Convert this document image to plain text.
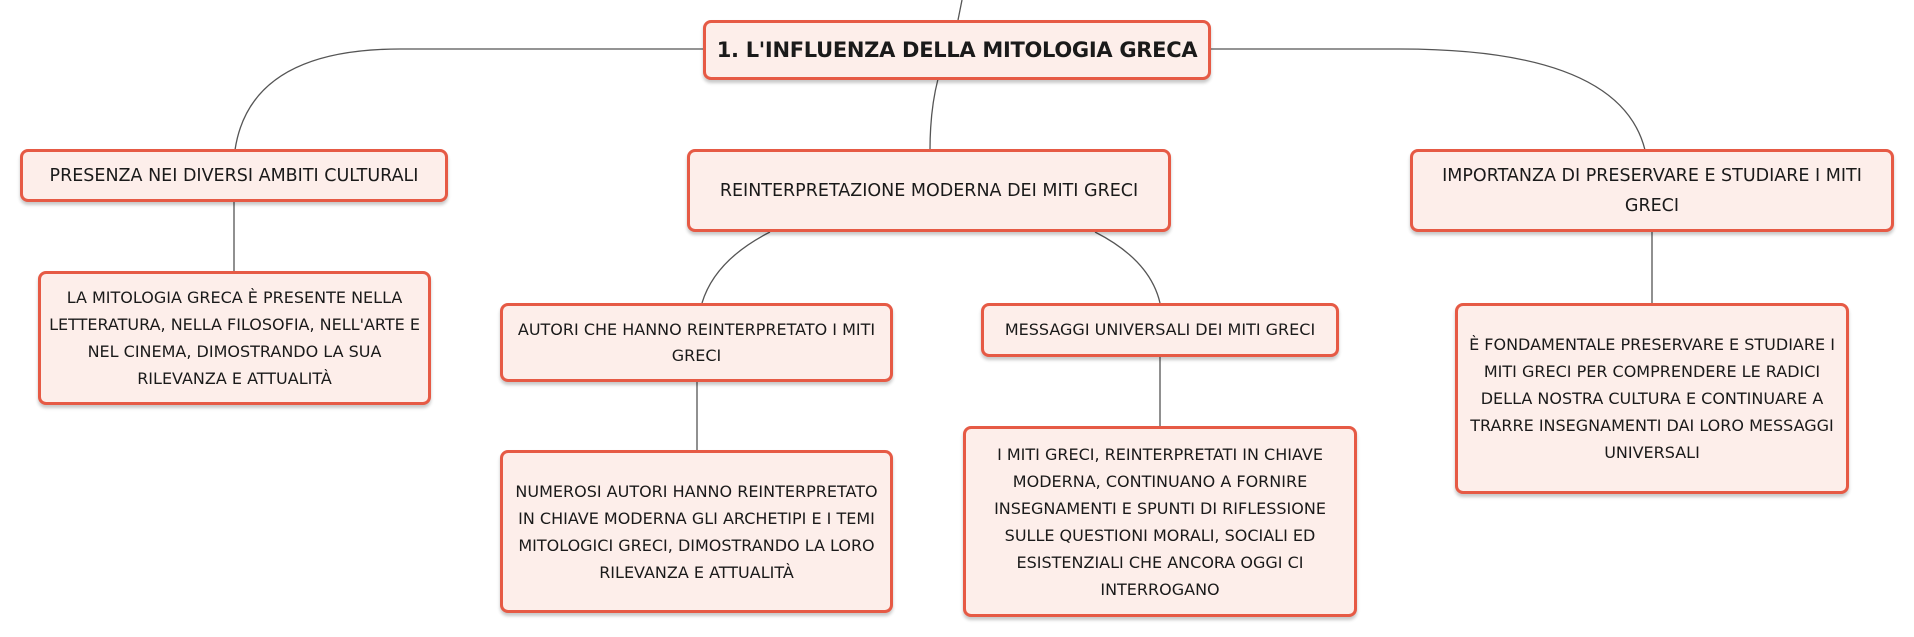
1. L'INFLUENZA DELLA MITOLOGIA GRECA
PRESENZA NEI DIVERSI AMBITI CULTURALI
REINTERPRETAZIONE MODERNA DEI MITI GRECI
IMPORTANZA DI PRESERVARE E STUDIARE I MITI GRECI
LA MITOLOGIA GRECA È PRESENTE NELLA LETTERATURA, NELLA FILOSOFIA, NELL'ARTE E NEL CINEMA, DIMOSTRANDO LA SUA RILEVANZA E ATTUALITÀ
AUTORI CHE HANNO REINTERPRETATO I MITI GRECI
MESSAGGI UNIVERSALI DEI MITI GRECI
È FONDAMENTALE PRESERVARE E STUDIARE I MITI GRECI PER COMPRENDERE LE RADICI DELLA NOSTRA CULTURA E CONTINUARE A TRARRE INSEGNAMENTI DAI LORO MESSAGGI UNIVERSALI
NUMEROSI AUTORI HANNO REINTERPRETATO IN CHIAVE MODERNA GLI ARCHETIPI E I TEMI MITOLOGICI GRECI, DIMOSTRANDO LA LORO RILEVANZA E ATTUALITÀ
I MITI GRECI, REINTERPRETATI IN CHIAVE MODERNA, CONTINUANO A FORNIRE INSEGNAMENTI E SPUNTI DI RIFLESSIONE SULLE QUESTIONI MORALI, SOCIALI ED ESISTENZIALI CHE ANCORA OGGI CI INTERROGANO
